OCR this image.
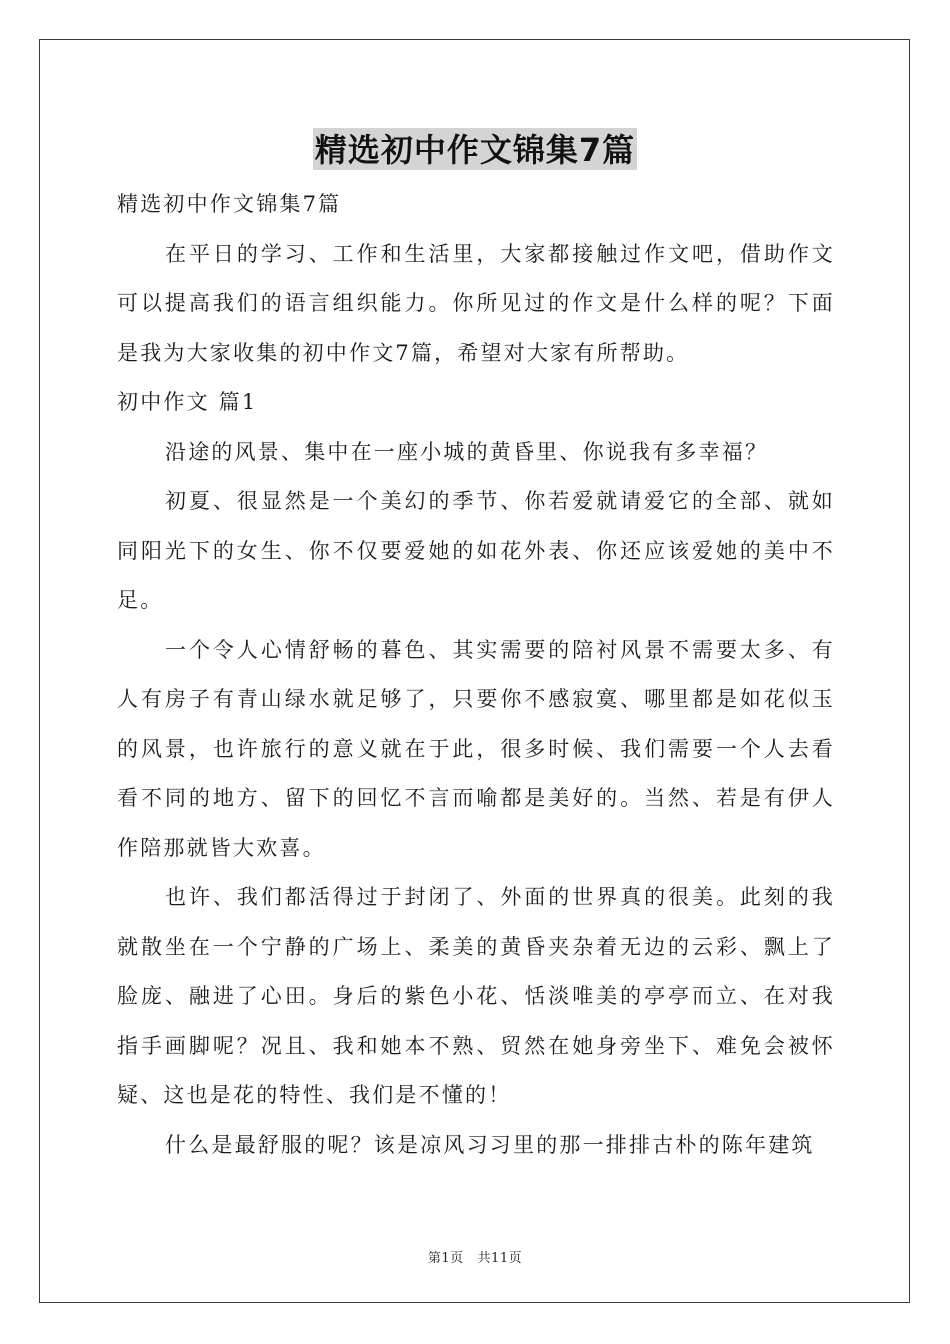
精选初中作文锦集7篇

精选初中作文锦集7篇

在平日的学习、工作和生活里，大家都接触过作文吧，借助作文可以提高我们的语言组织能力。你所见过的作文是什么样的呢？下面是我为大家收集的初中作文7篇，希望对大家有所帮助。

初中作文 篇1

沿途的风景、集中在一座小城的黄昏里、你说我有多幸福？

初夏、很显然是一个美幻的季节、你若爱就请爱它的全部、就如同阳光下的女生、你不仅要爱她的如花外表、你还应该爱她的美中不足。

一个令人心情舒畅的暮色、其实需要的陪衬风景不需要太多、有人有房子有青山绿水就足够了，只要你不感寂寞、哪里都是如花似玉的风景，也许旅行的意义就在于此，很多时候、我们需要一个人去看看不同的地方、留下的回忆不言而喻都是美好的。当然、若是有伊人作陪那就皆大欢喜。

也许、我们都活得过于封闭了、外面的世界真的很美。此刻的我就散坐在一个宁静的广场上、柔美的黄昏夹杂着无边的云彩、飘上了脸庞、融进了心田。身后的紫色小花、恬淡唯美的亭亭而立、在对我指手画脚呢？况且、我和她本不熟、贸然在她身旁坐下、难免会被怀疑、这也是花的特性、我们是不懂的！

什么是最舒服的呢？该是凉风习习里的那一排排古朴的陈年建筑

第1页   共11页
